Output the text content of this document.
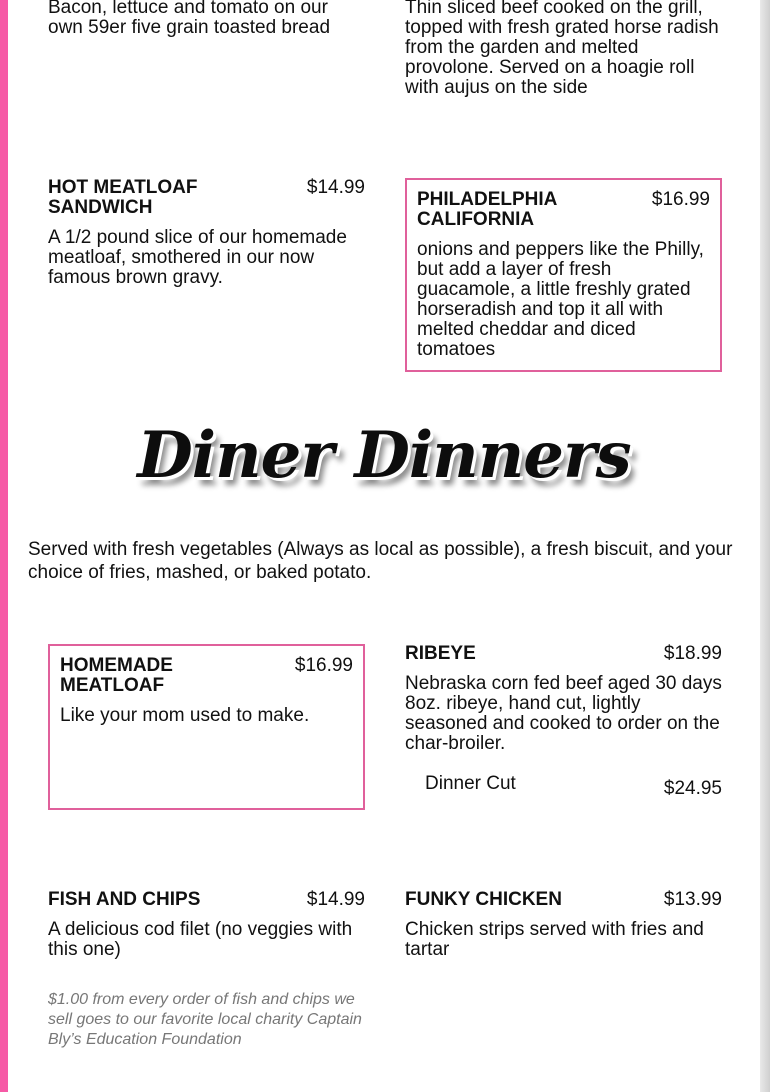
Bacon, lettuce and tomato on our own 59er five grain toasted bread
Thin sliced beef cooked on the grill, topped with fresh grated horse radish from the garden and melted provolone. Served on a hoagie roll with aujus on the side
HOT MEATLOAF SANDWICH
$14.99
A 1/2 pound slice of our homemade meatloaf, smothered in our now famous brown gravy.
PHILADELPHIA CALIFORNIA
$16.99
onions and peppers like the Philly, but add a layer of fresh guacamole, a little freshly grated horseradish and top it all with melted cheddar and diced tomatoes
Diner Dinners
Served with fresh vegetables (Always as local as possible), a fresh biscuit, and your choice of fries, mashed, or baked potato.
HOMEMADE MEATLOAF
$16.99
Like your mom used to make.
RIBEYE	$18.99
Nebraska corn fed beef aged 30 days 8oz. ribeye, hand cut, lightly seasoned and cooked to order on the char-broiler.
Dinner Cut	$24.95
FISH AND CHIPS	$14.99
A delicious cod filet (no veggies with this one)
$1.00 from every order of fish and chips we sell goes to our favorite local charity Captain Bly’s Education Foundation
FUNKY CHICKEN	$13.99
Chicken strips served with fries and tartar
